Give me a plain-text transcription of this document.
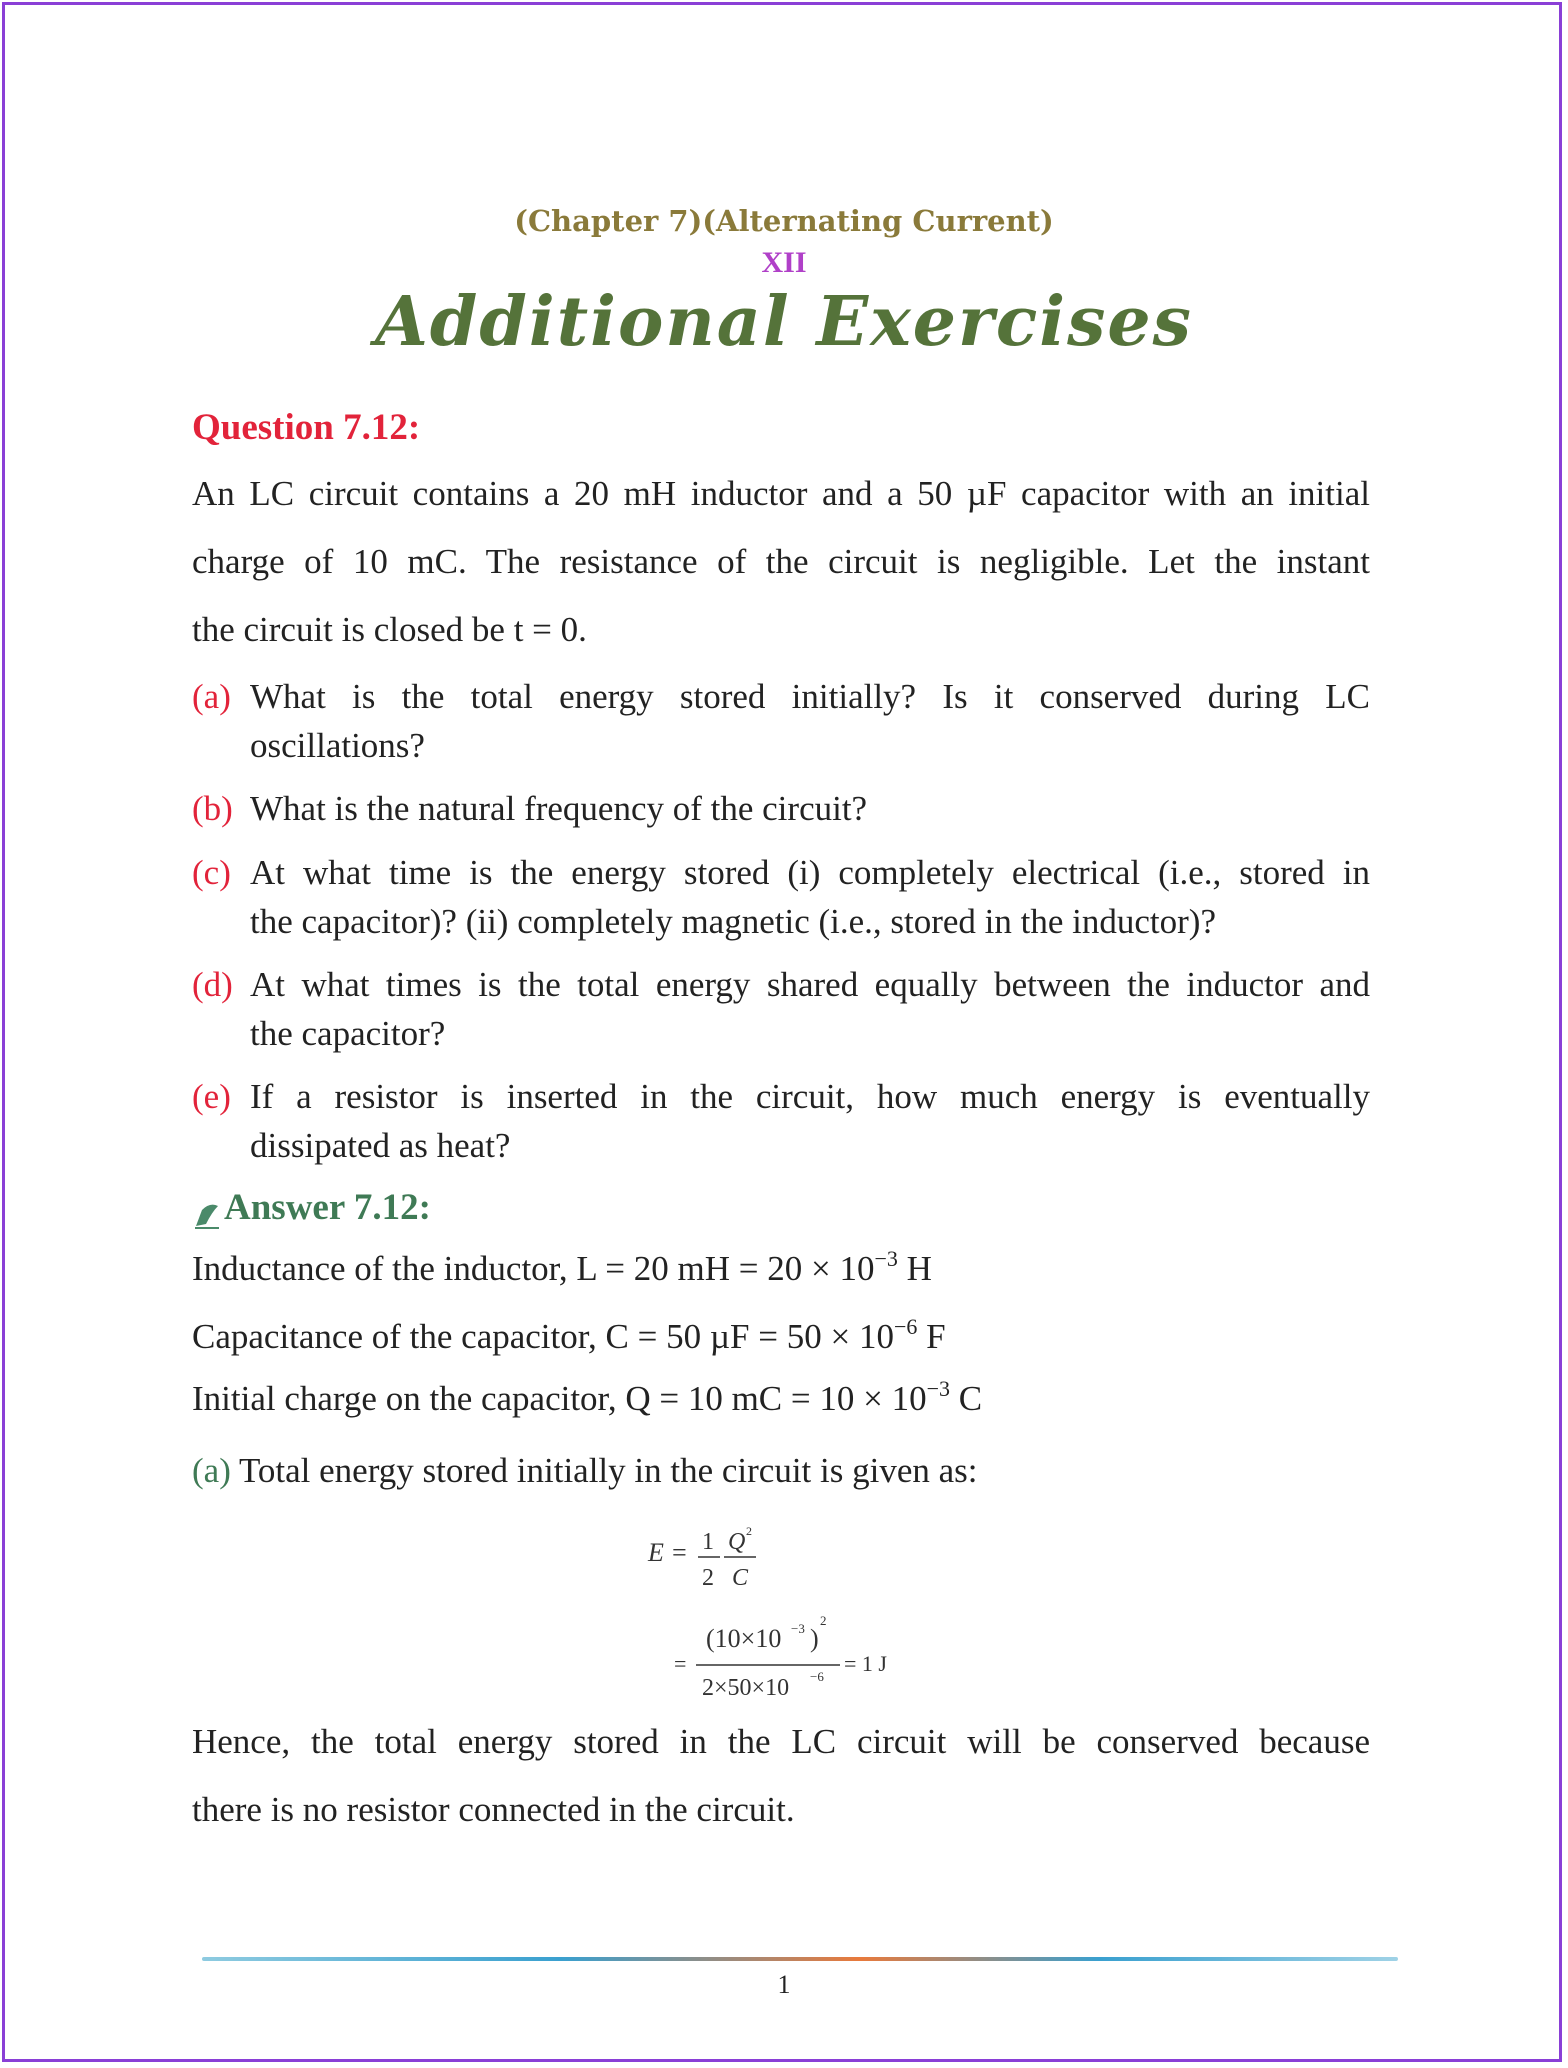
(Chapter 7)(Alternating Current)
XII
Additional Exercises
Question 7.12:
An LC circuit contains a 20 mH inductor and a 50 µF capacitor with an initial
charge of 10 mC. The resistance of the circuit is negligible. Let the instant
the circuit is closed be t = 0.
(a) What is the total energy stored initially? Is it conserved during LC
oscillations?
(b) What is the natural frequency of the circuit?
(c) At what time is the energy stored (i) completely electrical (i.e., stored in
the capacitor)? (ii) completely magnetic (i.e., stored in the inductor)?
(d) At what times is the total energy shared equally between the inductor and
the capacitor?
(e) If a resistor is inserted in the circuit, how much energy is eventually
dissipated as heat?
Answer 7.12:
Inductance of the inductor, L = 20 mH = $20 \times 10^{-3}$ H
Capacitance of the capacitor, C = 50 $\mu F = 50 \times 10^{-6}$ F
Initial charge on the capacitor, Q = 10 mC = $10 \times 10^{-3}$ C
(a) Total energy stored initially in the circuit is given as:
E = 1
2
Q 2
C
=
(10×10 −3 )
2
2×50×10 −6
= 1 J
Hence, the total energy stored in the LC circuit will be conserved because
there is no resistor connected in the circuit.
1
